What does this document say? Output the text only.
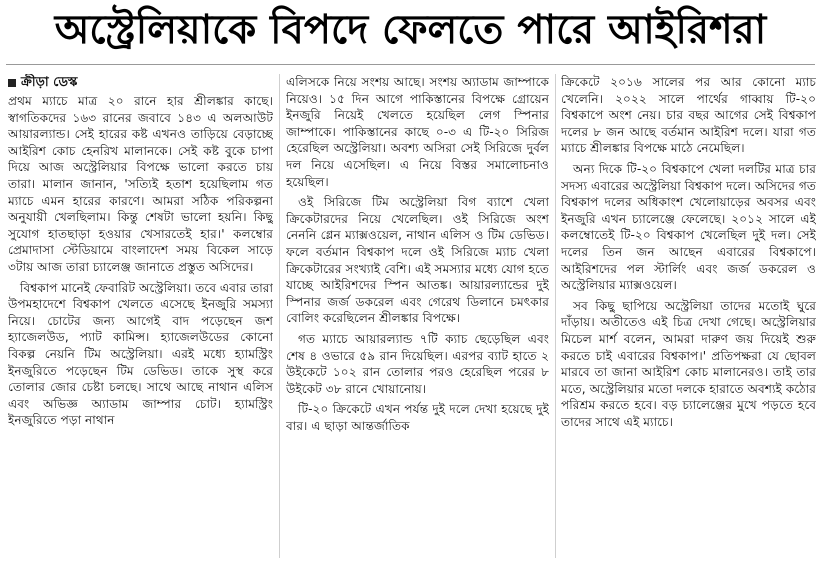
অস্ট্রেলিয়াকে বিপদে ফেলতে পারে আইরিশরা
ক্রীড়া ডেস্ক

প্রথম ম্যাচে মাত্র ২০ রানে হার শ্রীলঙ্কার কাছে। স্বাগতিকদের ১৬৩ রানের জবাবে ১৪৩ এ অলআউট আয়ারল্যান্ড। সেই হারের কষ্ট এখনও তাড়িয়ে বেড়াচ্ছে আইরিশ কোচ হেনরিখ মালানকে। সেই কষ্ট বুকে চাপা দিয়ে আজ অস্ট্রেলিয়ার বিপক্ষে ভালো করতে চায় তারা। মালান জানান, 'সত্যিই হতাশ হয়েছিলাম গত ম্যাচে এমন হারের কারণে। আমরা সঠিক পরিকল্পনা অনুযায়ী খেলছিলাম। কিন্তু শেষটা ভালো হয়নি। কিছু সুযোগ হাতছাড়া হওয়ার খেসারতেই হার।' কলম্বোর প্রেমাদাসা স্টেডিয়ামে বাংলাদেশ সময় বিকেল সাড়ে ৩টায় আজ তারা চ্যালেঞ্জ জানাতে প্রস্তুত অসিদের।

বিশ্বকাপ মানেই ফেবারিট অস্ট্রেলিয়া। তবে এবার তারা উপমহাদেশে বিশ্বকাপ খেলতে এসেছে ইনজুরি সমস্যা নিয়ে। চোটের জন্য আগেই বাদ পড়েছেন জশ হ্যাজেলউড, প্যাট কামিন্স। হ্যাজেলউডের কোনো বিকল্প নেয়নি টিম অস্ট্রেলিয়া। এরই মধ্যে হ্যামস্ট্রিং ইনজুরিতে পড়েছেন টিম ডেভিড। তাকে সুস্থ করে তোলার জোর চেষ্টা চলছে। সাথে আছে নাথান এলিস এবং অভিজ্ঞ অ্যাডাম জাম্পার চোট। হ্যামস্ট্রিং ইনজুরিতে পড়া নাথান

এলিসকে নিয়ে সংশয় আছে। সংশয় অ্যাডাম জাম্পাকে নিয়েও। ১৫ দিন আগে পাকিস্তানের বিপক্ষে গ্রোয়েন ইনজুরি নিয়েই খেলতে হয়েছিল লেগ স্পিনার জাম্পাকে। পাকিস্তানের কাছে ০-৩ এ টি-২০ সিরিজ হেরেছিল অস্ট্রেলিয়া। অবশ্য অসিরা সেই সিরিজে দুর্বল দল নিয়ে এসেছিল। এ নিয়ে বিস্তর সমালোচনাও হয়েছিল।

ওই সিরিজে টিম অস্ট্রেলিয়া বিগ ব্যাশে খেলা ক্রিকেটারদের নিয়ে খেলেছিল। ওই সিরিজে অংশ নেননি গ্লেন ম্যাক্সওয়েল, নাথান এলিস ও টিম ডেভিড। ফলে বর্তমান বিশ্বকাপ দলে ওই সিরিজে ম্যাচ খেলা ক্রিকেটারের সংখ্যাই বেশি। এই সমস্যার মধ্যে যোগ হতে যাচ্ছে আইরিশদের স্পিন আতঙ্ক। আয়ারল্যান্ডের দুই স্পিনার জর্জ ডকরেল এবং গেরেথ ডিলানে চমৎকার বোলিং করেছিলেন শ্রীলঙ্কার বিপক্ষে।

গত ম্যাচে আয়ারল্যান্ড ৭টি ক্যাচ ছেড়েছিল এবং শেষ ৪ ওভারে ৫৯ রান দিয়েছিল। এরপর ব্যাট হাতে ২ উইকেটে ১০২ রান তোলার পরও হেরেছিল পরের ৮ উইকেট ৩৮ রানে খোয়ানোয়।

টি-২০ ক্রিকেটে এখন পর্যন্ত দুই দলে দেখা হয়েছে দুই বার। এ ছাড়া আন্তর্জাতিক

ক্রিকেটে ২০১৬ সালের পর আর কোনো ম্যাচ খেলেনি। ২০২২ সালে পার্থের গাব্বায় টি-২০ বিশ্বকাপে অংশ নেয়। চার বছর আগের সেই বিশ্বকাপ দলের ৮ জন আছে বর্তমান আইরিশ দলে। যারা গত ম্যাচে শ্রীলঙ্কার বিপক্ষে মাঠে নেমেছিল।

অন্য দিকে টি-২০ বিশ্বকাপে খেলা দলটির মাত্র চার সদস্য এবারের অস্ট্রেলিয়া বিশ্বকাপ দলে। অসিদের গত বিশ্বকাপ দলের অধিকাংশ খেলোয়াড়ের অবসর এবং ইনজুরি এখন চ্যালেঞ্জে ফেলেছে। ২০১২ সালে এই কলম্বোতেই টি-২০ বিশ্বকাপ খেলেছিল দুই দল। সেই দলের তিন জন আছেন এবারের বিশ্বকাপে। আইরিশদের পল স্টার্লিং এবং জর্জ ডকরেল ও অস্ট্রেলিয়ার ম্যাক্সওয়েল।

সব কিছু ছাপিয়ে অস্ট্রেলিয়া তাদের মতোই ঘুরে দাঁড়ায়। অতীতেও এই চিত্র দেখা গেছে। অস্ট্রেলিয়ার মিচেল মার্শ বলেন, আমরা দারুণ জয় দিয়েই শুরু করতে চাই এবারের বিশ্বকাপ।' প্রতিপক্ষরা যে ছোবল মারবে তা জানা আইরিশ কোচ মালানেরও। তাই তার মতে, অস্ট্রেলিয়ার মতো দলকে হারাতে অবশ্যই কঠোর পরিশ্রম করতে হবে। বড় চ্যালেঞ্জের মুখে পড়তে হবে তাদের সাথে এই ম্যাচে।
